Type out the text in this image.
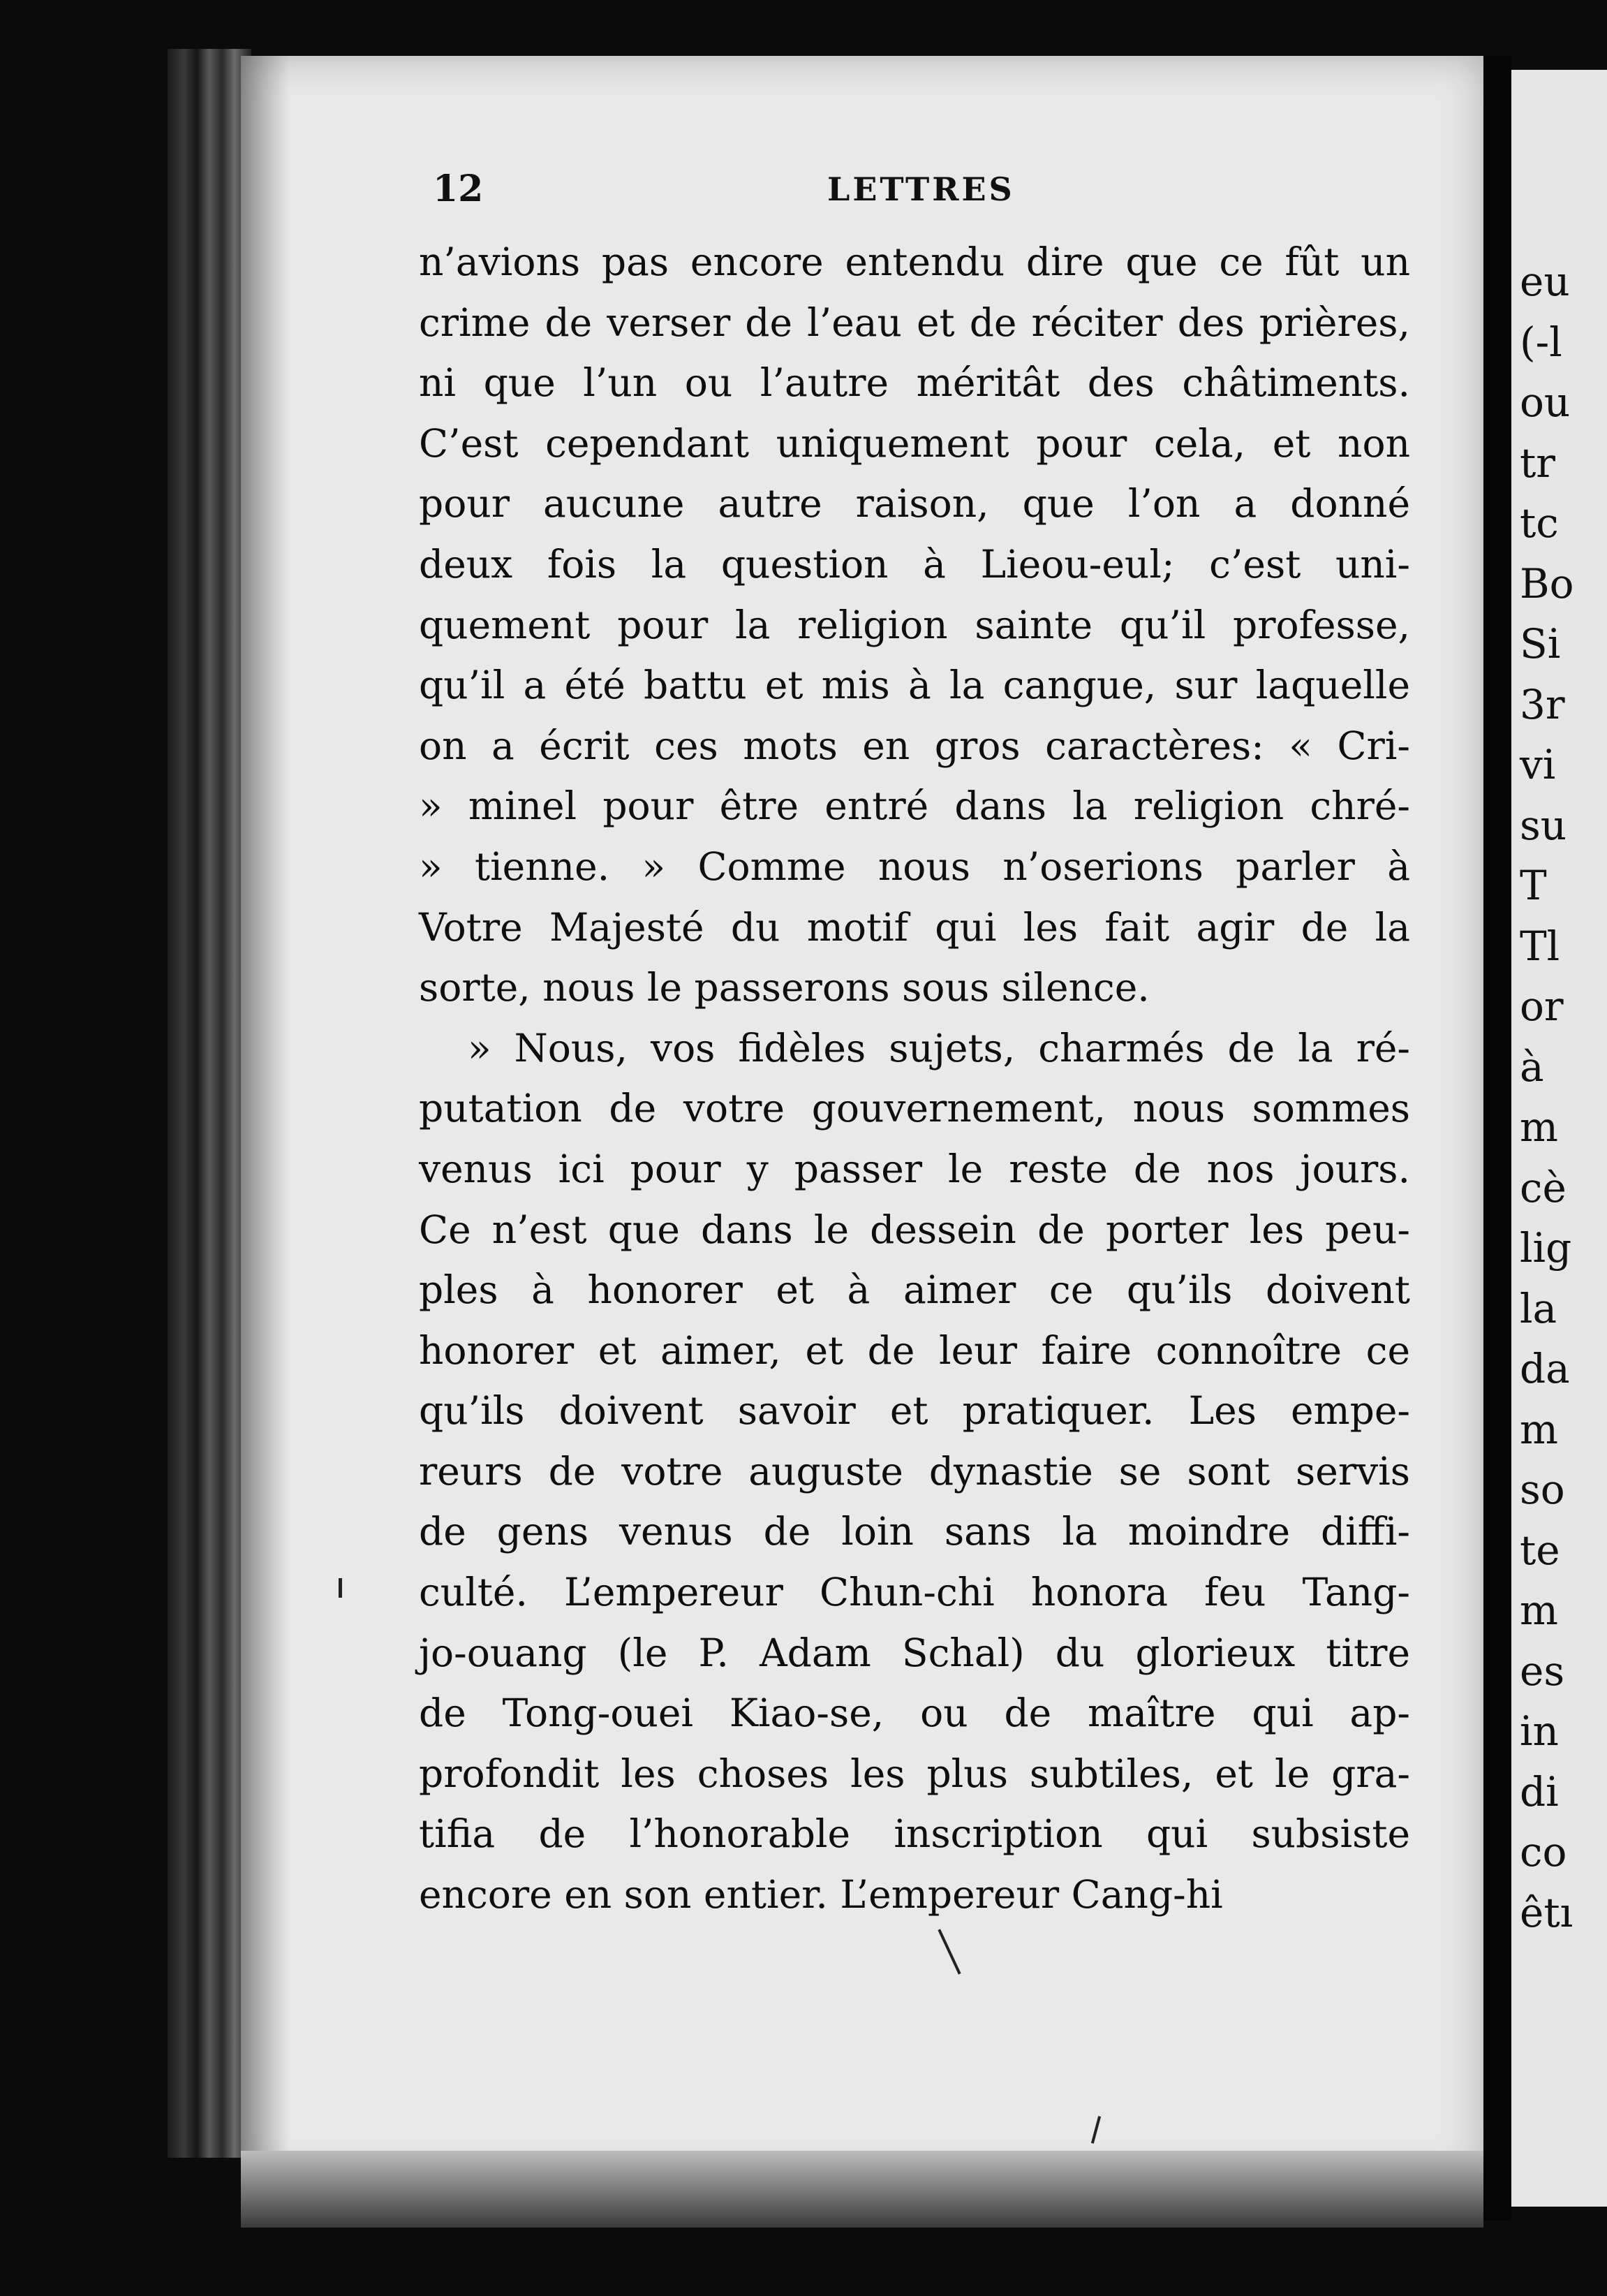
eu
(-l
ou
tr
tc
Bo
Si
3r
vi
su
T
Tl
or
à
m
cè
lig
la
da
m
so
te
m
es
in
di
co
êtı
12	LETTRES
n’avions pas encore entendu dire que ce fût un
crime de verser de l’eau et de réciter des prières,
ni que l’un ou l’autre méritât des châtiments.
C’est cependant uniquement pour cela, et non
pour aucune autre raison, que l’on a donné
deux fois la question à Lieou-eul; c’est uni-
quement pour la religion sainte qu’il professe,
qu’il a été battu et mis à la cangue, sur laquelle
on a écrit ces mots en gros caractères: « Cri-
» minel pour être entré dans la religion chré-
» tienne. » Comme nous n’oserions parler à
Votre Majesté du motif qui les fait agir de la
sorte, nous le passerons sous silence.
» Nous, vos fidèles sujets, charmés de la ré-
putation de votre gouvernement, nous sommes
venus ici pour y passer le reste de nos jours.
Ce n’est que dans le dessein de porter les peu-
ples à honorer et à aimer ce qu’ils doivent
honorer et aimer, et de leur faire connoître ce
qu’ils doivent savoir et pratiquer. Les empe-
reurs de votre auguste dynastie se sont servis
de gens venus de loin sans la moindre diffi-
culté. L’empereur Chun-chi honora feu Tang-
jo-ouang (le P. Adam Schal) du glorieux titre
de Tong-ouei Kiao-se, ou de maître qui ap-
profondit les choses les plus subtiles, et le gra-
tifia de l’honorable inscription qui subsiste
encore en son entier. L’empereur Cang-hi
